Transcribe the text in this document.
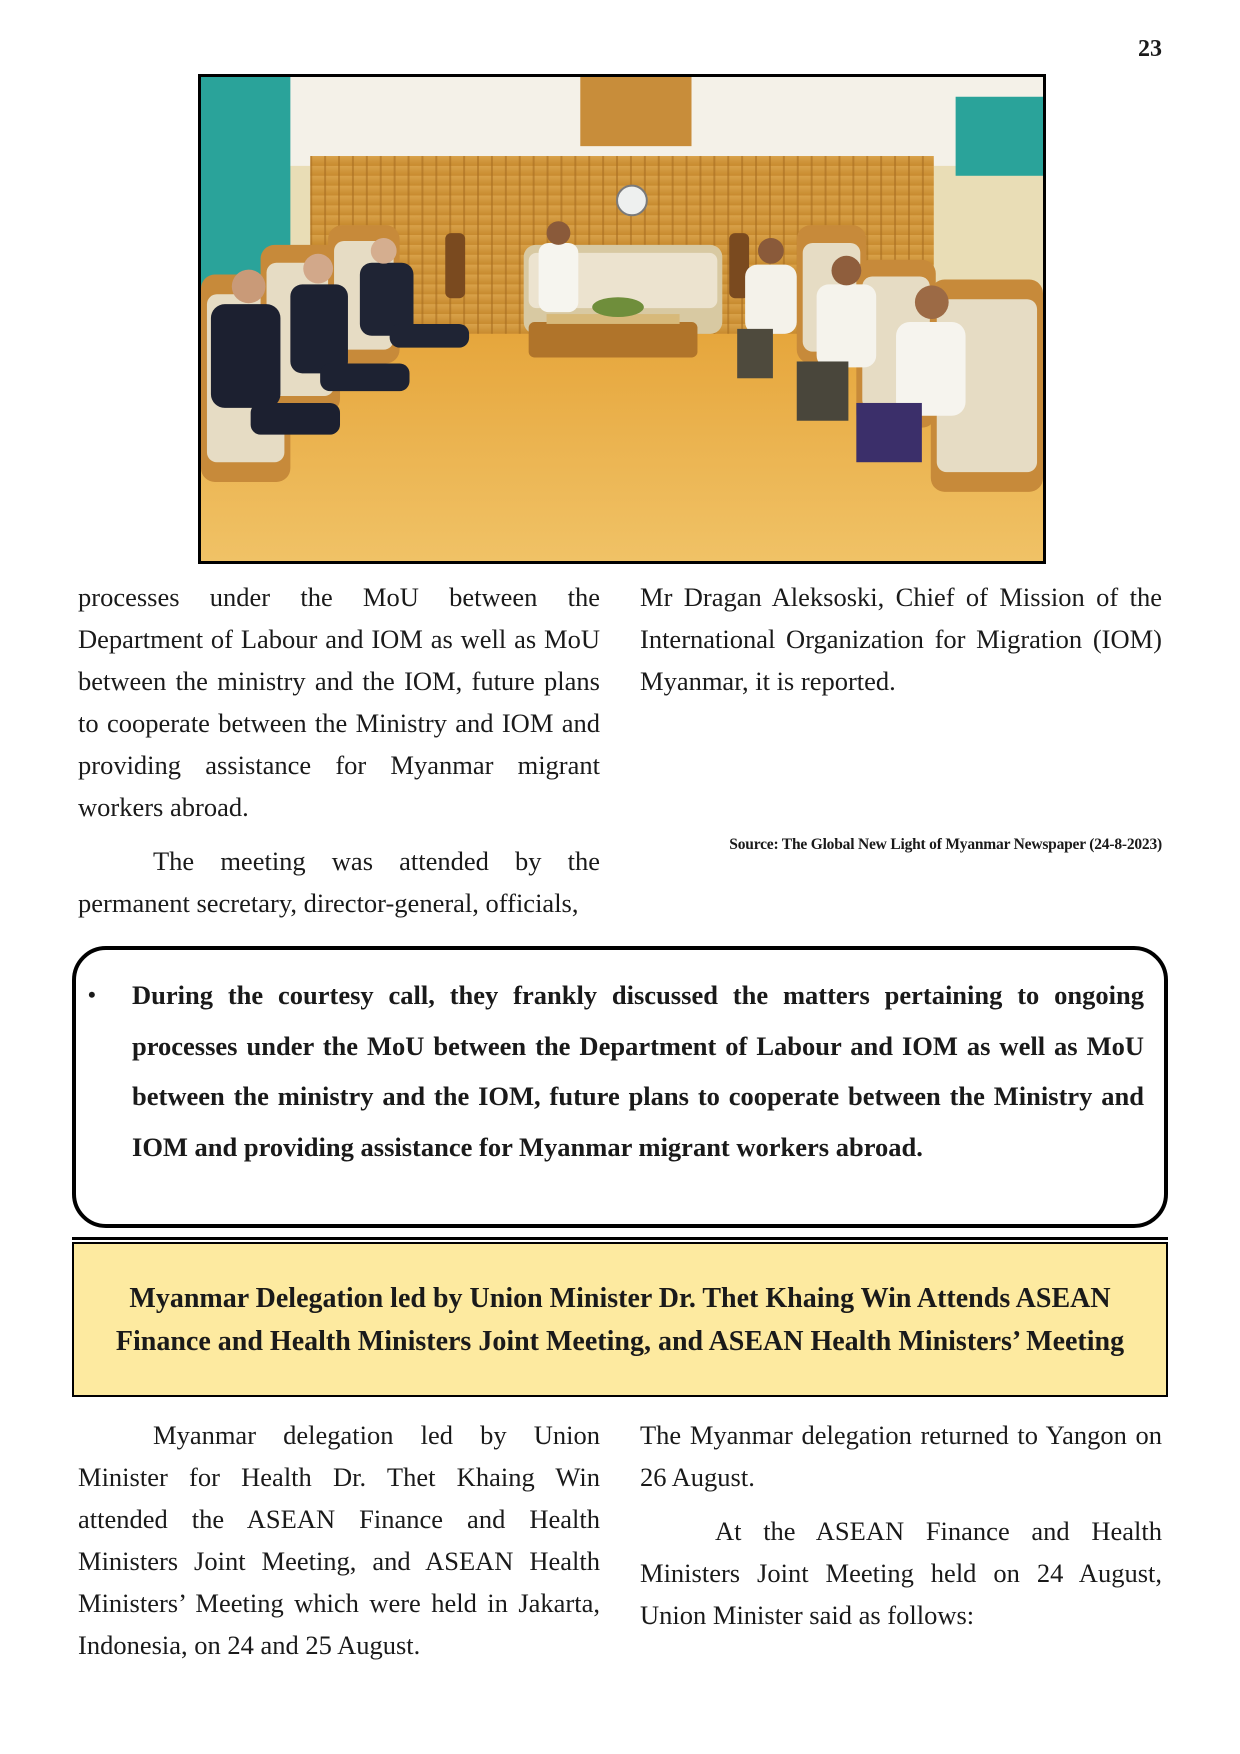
23

processes under the MoU between the Department of Labour and IOM as well as MoU between the ministry and the IOM, future plans to cooperate between the Ministry and IOM and providing assistance for Myanmar migrant workers abroad.

The meeting was attended by the permanent secretary, director-general, officials,

Mr Dragan Aleksoski, Chief of Mission of the International Organization for Migration (IOM) Myanmar, it is reported.

Source: The Global New Light of Myanmar Newspaper (24-8-2023)
• During the courtesy call, they frankly discussed the matters pertaining to ongoing processes under the MoU between the Department of Labour and IOM as well as MoU between the ministry and the IOM, future plans to cooperate between the Ministry and IOM and providing assistance for Myanmar migrant workers abroad.
Myanmar Delegation led by Union Minister Dr. Thet Khaing Win Attends ASEAN Finance and Health Ministers Joint Meeting, and ASEAN Health Ministers’ Meeting

Myanmar delegation led by Union Minister for Health Dr. Thet Khaing Win attended the ASEAN Finance and Health Ministers Joint Meeting, and ASEAN Health Ministers’ Meeting which were held in Jakarta, Indonesia, on 24 and 25 August.

The Myanmar delegation returned to Yangon on 26 August.

At the ASEAN Finance and Health Ministers Joint Meeting held on 24 August, Union Minister said as follows:
